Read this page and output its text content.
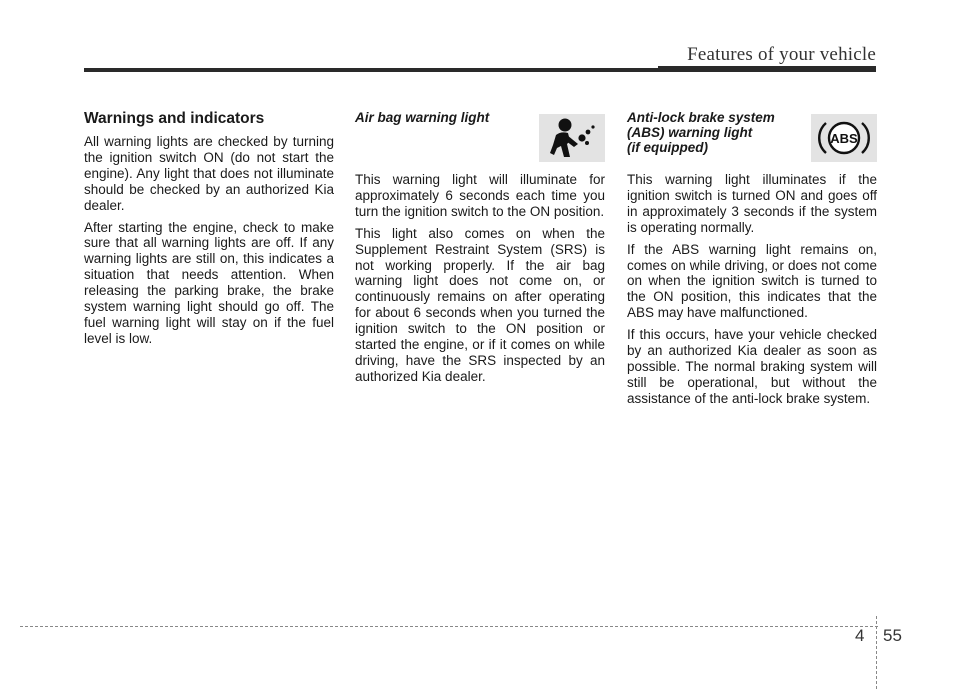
Features of your vehicle
Warnings and indicators

All warning lights are checked by turning the ignition switch ON (do not start the engine). Any light that does not illuminate should be checked by an authorized Kia dealer.

After starting the engine, check to make sure that all warning lights are off. If any warning lights are still on, this indicates a situation that needs attention. When releasing the parking brake, the brake system warning light should go off. The fuel warning light will stay on if the fuel level is low.

Air bag warning light

This warning light will illuminate for approximately 6 seconds each time you turn the ignition switch to the ON position.

This light also comes on when the Supplement Restraint System (SRS) is not working properly. If the air bag warning light does not come on, or continuously remains on after operating for about 6 seconds when you turned the ignition switch to the ON position or started the engine, or if it comes on while driving, have the SRS inspected by an authorized Kia dealer.

Anti-lock brake system
(ABS) warning light
(if equipped)
ABS

This warning light illuminates if the ignition switch is turned ON and goes off in approximately 3 seconds if the system is operating normally.

If the ABS warning light remains on, comes on while driving, or does not come on when the ignition switch is turned to the ON position, this indicates that the ABS may have malfunctioned.

If this occurs, have your vehicle checked by an authorized Kia dealer as soon as possible. The normal braking system will still be operational, but without the assistance of the anti-lock brake system.

4 55
